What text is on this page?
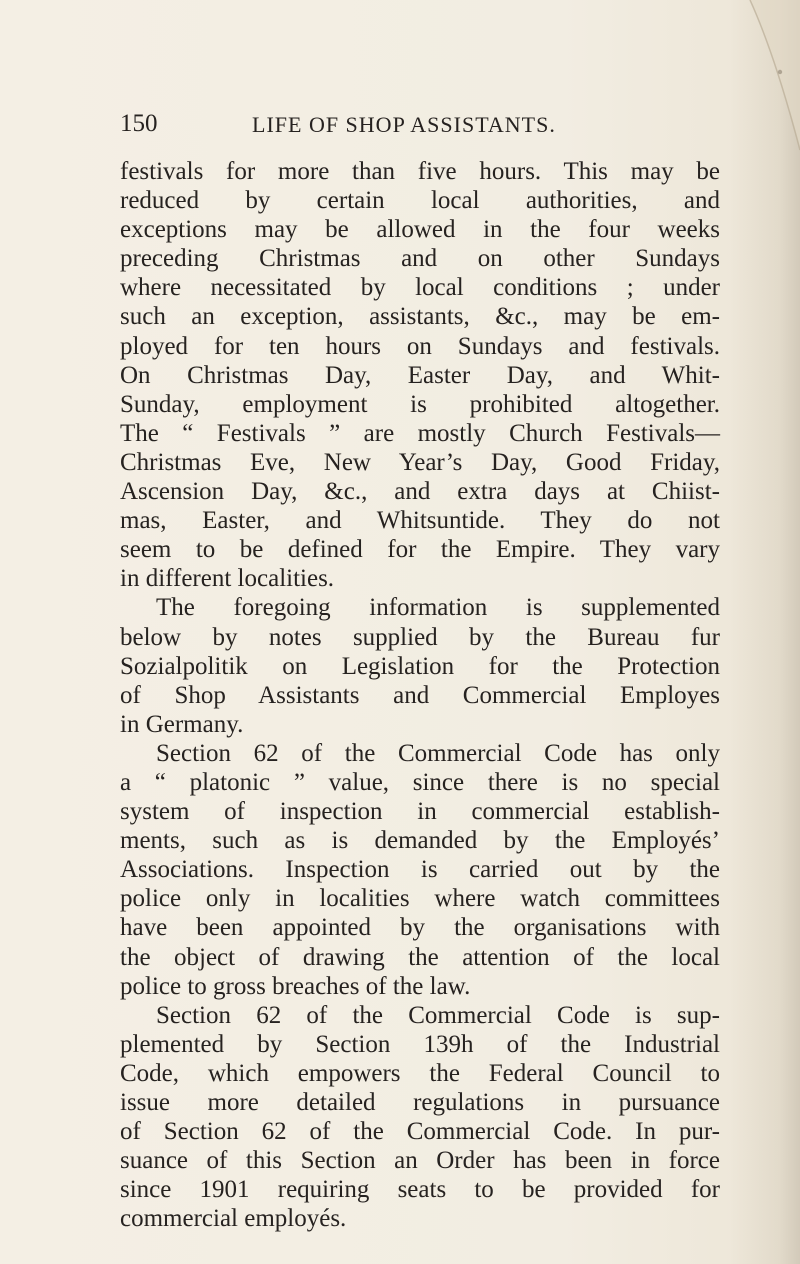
150	LIFE OF SHOP ASSISTANTS.
festivals for more than five hours. This may be
reduced by certain local authorities, and
exceptions may be allowed in the four weeks
preceding Christmas and on other Sundays
where necessitated by local conditions ; under
such an exception, assistants, &c., may be em-
ployed for ten hours on Sundays and festivals.
On Christmas Day, Easter Day, and Whit-
Sunday, employment is prohibited altogether.
The “ Festivals ” are mostly Church Festivals—
Christmas Eve, New Year’s Day, Good Friday,
Ascension Day, &c., and extra days at Chiist-
mas, Easter, and Whitsuntide. They do not
seem to be defined for the Empire. They vary
in different localities.
The foregoing information is supplemented
below by notes supplied by the Bureau fur
Sozialpolitik on Legislation for the Protection
of Shop Assistants and Commercial Employes
in Germany.
Section 62 of the Commercial Code has only
a “ platonic ” value, since there is no special
system of inspection in commercial establish-
ments, such as is demanded by the Employés’
Associations. Inspection is carried out by the
police only in localities where watch committees
have been appointed by the organisations with
the object of drawing the attention of the local
police to gross breaches of the law.
Section 62 of the Commercial Code is sup-
plemented by Section 139h of the Industrial
Code, which empowers the Federal Council to
issue more detailed regulations in pursuance
of Section 62 of the Commercial Code. In pur-
suance of this Section an Order has been in force
since 1901 requiring seats to be provided for
commercial employés.
